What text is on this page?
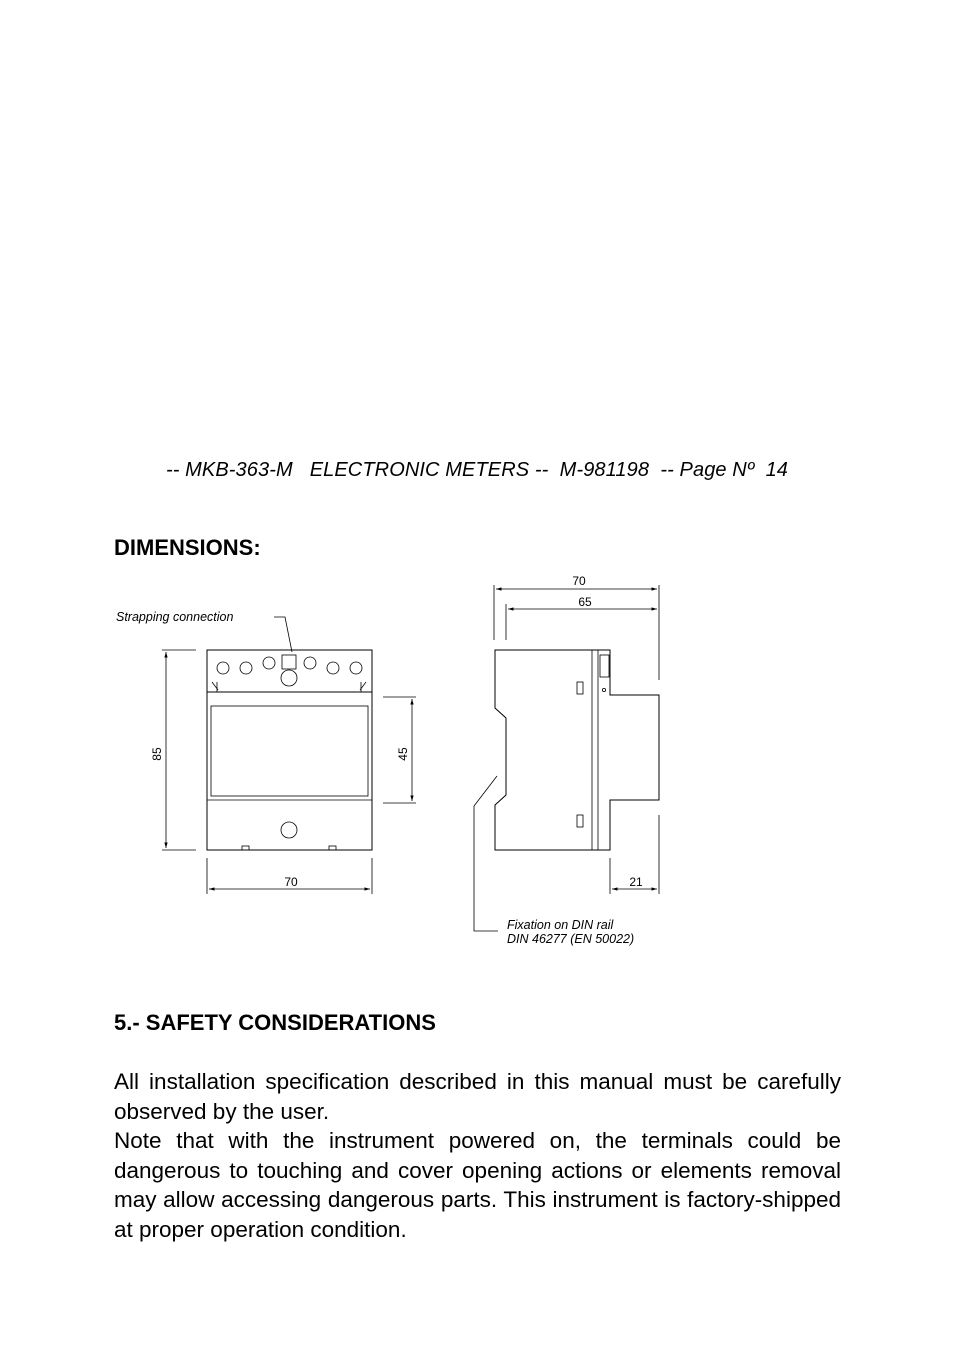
-- MKB-363-M   ELECTRONIC METERS --  M-981198  -- Page Nº  14
DIMENSIONS:
Strapping connection
85	45
70
70
65
21
Fixation on DIN rail
DIN 46277 (EN 50022)
5.- SAFETY CONSIDERATIONS

All installation specification described in this manual must be carefully observed by the user.

Note that with the instrument powered on, the terminals could be dangerous to touching and cover opening actions or elements removal may allow accessing dangerous parts. This instrument is factory-shipped at proper operation condition.
